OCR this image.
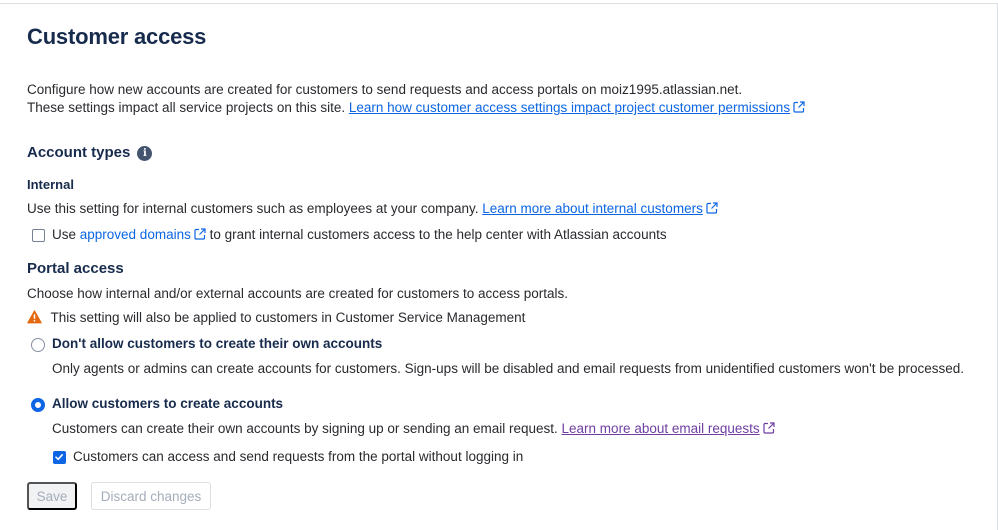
Customer access
Configure how new accounts are created for customers to send requests and access portals on moiz1995.atlassian.net.
These settings impact all service projects on this site. Learn how customer access settings impact project customer permissions
Account types i
Internal
Use this setting for internal customers such as employees at your company. Learn more about internal customers
Use approved domains to grant internal customers access to the help center with Atlassian accounts
Portal access
Choose how internal and/or external accounts are created for customers to access portals.
This setting will also be applied to customers in Customer Service Management
Don't allow customers to create their own accounts
Only agents or admins can create accounts for customers. Sign-ups will be disabled and email requests from unidentified customers won't be processed.
Allow customers to create accounts
Customers can create their own accounts by signing up or sending an email request. Learn more about email requests
Customers can access and send requests from the portal without logging in
Save	Discard changes
